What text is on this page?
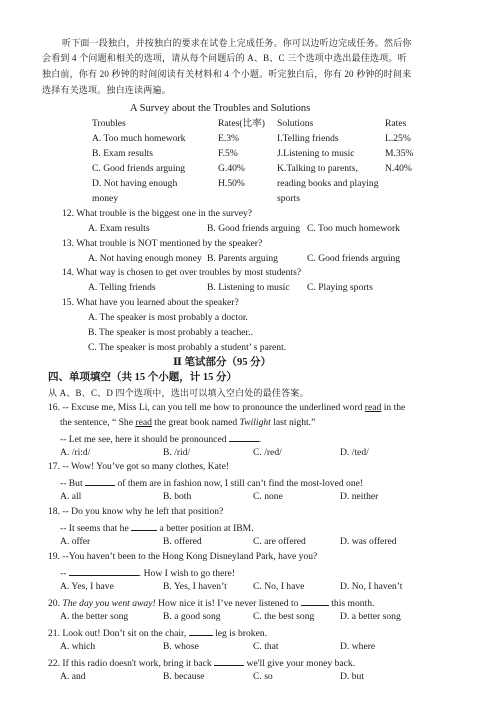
听下面一段独白，并按独白的要求在试卷上完成任务。你可以边听边完成任务。然后你
会看到 4 个问题和相关的选项，请从每个问题后的 A、B、C 三个选项中选出最佳选项。听
独白前，你有 20 秒钟的时间阅读有关材料和 4 个小题。听完独白后，你有 20 秒钟的时间来
选择有关选项。独白连读两遍。
A Survey about the Troubles and Solutions
Troubles	Rates(比率) Solutions	Rates
A. Too much homework	E.3%	I.Telling friends	L.25%
B. Exam results	F.5%	J.Listening to music	M.35%
C. Good friends arguing	G.40%	K.Talking to parents,	N.40%
D. Not having enough	H.50%	reading books and playing
money	sports
12. What trouble is the biggest one in the survey?
A. Exam results	B. Good friends arguing C. Too much homework
13. What trouble is NOT mentioned by the speaker?
A. Not having enough money B. Parents arguing	C. Good friends arguing
14. What way is chosen to get over troubles by most students?
A. Telling friends	B. Listening to music C. Playing sports
15. What have you learned about the speaker?
A. The speaker is most probably a doctor.
B. The speaker is most probably a teacher..
C. The speaker is most probably a student’ s parent.
Ⅱ 笔试部分（95 分）
四、单项填空（共 15 个小题，计 15 分）
从 A、B、C、D 四个选项中，选出可以填入空白处的最佳答案。
16. -- Excuse me, Miss Li, can you tell me how to pronounce the underlined word read in the
the sentence, “ She read the great book named Twilight last night.”
-- Let me see, here it should be pronounced	.
A. /ri:d/	B. /rid/	C. /red/	D. /ted/
17. -- Wow! You’ve got so many clothes, Kate!
-- But	of them are in fashion now, I still can’t find the most-loved one!
A. all	B. both	C. none	D. neither
18. -- Do you know why he left that position?
-- It seems that he	a better position at IBM.
A. offer	B. offered	C. are offered	D. was offered
19. --You haven’t been to the Hong Kong Disneyland Park, have you?
--	. How I wish to go there!
A. Yes, I have	B. Yes, I haven’t	C. No, I have	D. No, I haven’t
20. The day you went away! How nice it is! I’ve never listened to	this month.
A. the better song	B. a good song	C. the best song	D. a better song
21. Look out! Don’t sit on the chair,	leg is broken.
A. which	B. whose	C. that	D. where
22. If this radio doesn't work, bring it back	we'll give your money back.
A. and	B. because	C. so	D. but
